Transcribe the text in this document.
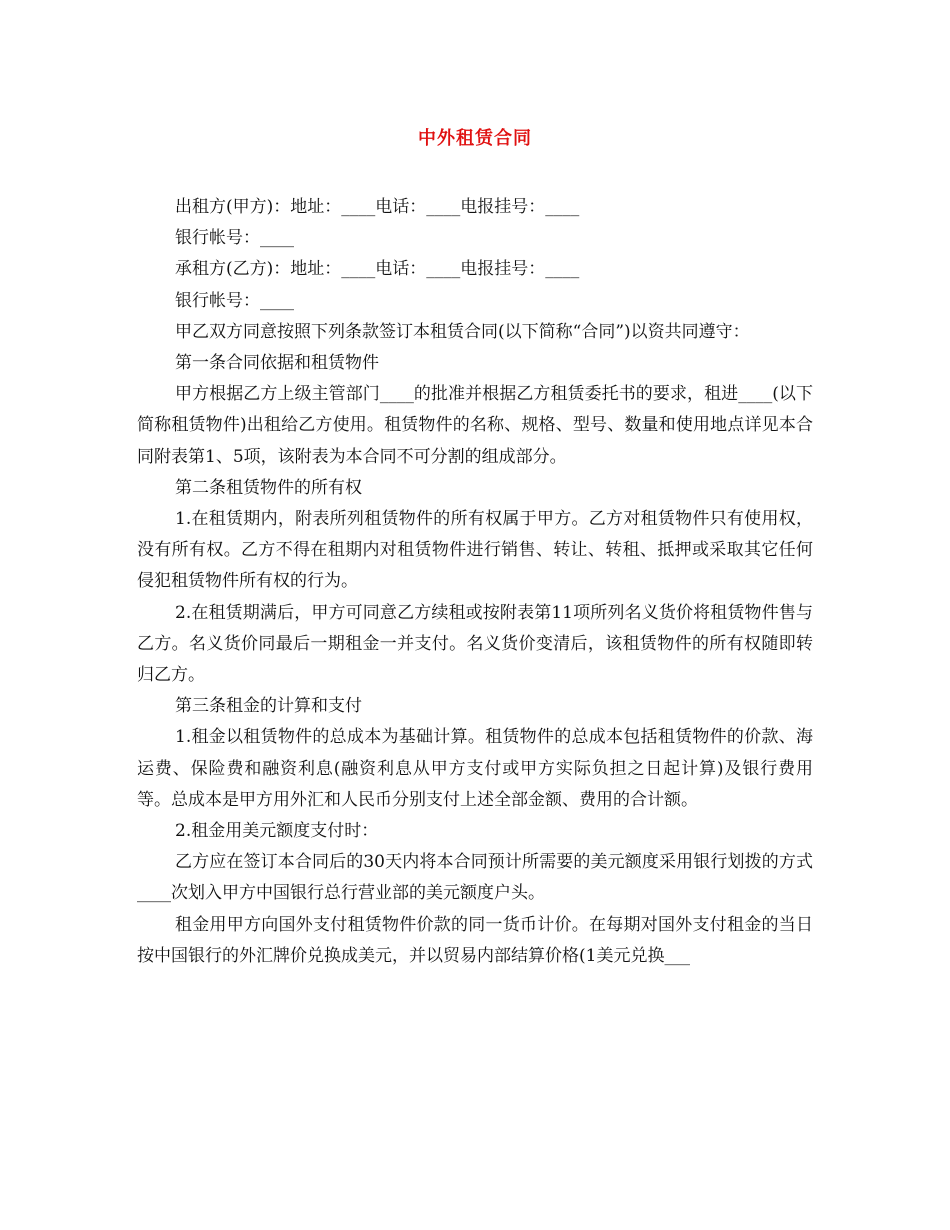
中外租赁合同

出租方(甲方)：地址：____电话：____电报挂号：____

银行帐号：____

承租方(乙方)：地址：____电话：____电报挂号：____

银行帐号：____

甲乙双方同意按照下列条款签订本租赁合同(以下简称“合同”)以资共同遵守：

第一条合同依据和租赁物件

甲方根据乙方上级主管部门____的批准并根据乙方租赁委托书的要求，租进____(以下简称租赁物件)出租给乙方使用。租赁物件的名称、规格、型号、数量和使用地点详见本合同附表第1、5项，该附表为本合同不可分割的组成部分。

第二条租赁物件的所有权

1.在租赁期内，附表所列租赁物件的所有权属于甲方。乙方对租赁物件只有使用权，没有所有权。乙方不得在租期内对租赁物件进行销售、转让、转租、抵押或采取其它任何侵犯租赁物件所有权的行为。

2.在租赁期满后，甲方可同意乙方续租或按附表第11项所列名义货价将租赁物件售与乙方。名义货价同最后一期租金一并支付。名义货价变清后，该租赁物件的所有权随即转归乙方。

第三条租金的计算和支付

1.租金以租赁物件的总成本为基础计算。租赁物件的总成本包括租赁物件的价款、海运费、保险费和融资利息(融资利息从甲方支付或甲方实际负担之日起计算)及银行费用等。总成本是甲方用外汇和人民币分别支付上述全部金额、费用的合计额。

2.租金用美元额度支付时：

乙方应在签订本合同后的30天内将本合同预计所需要的美元额度采用银行划拨的方式____次划入甲方中国银行总行营业部的美元额度户头。

租金用甲方向国外支付租赁物件价款的同一货币计价。在每期对国外支付租金的当日按中国银行的外汇牌价兑换成美元，并以贸易内部结算价格(1美元兑换___
